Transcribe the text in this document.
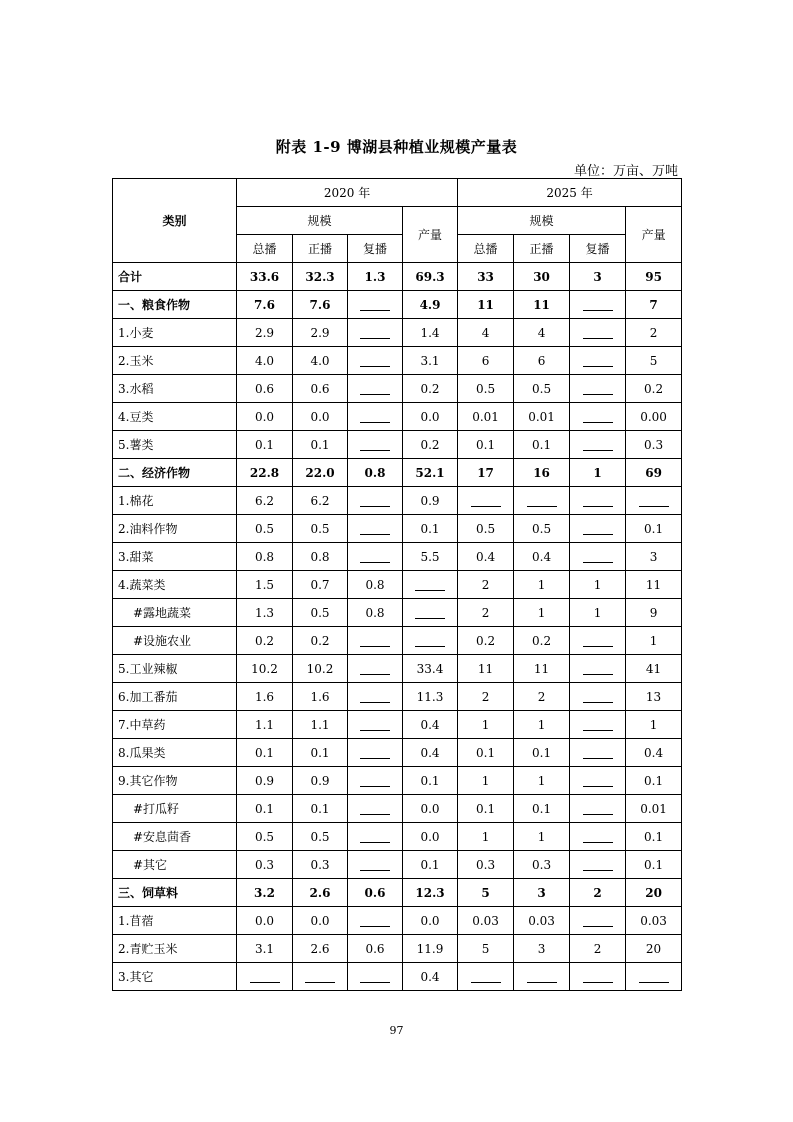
附表 1-9 博湖县种植业规模产量表
单位：万亩、万吨
类别	2020 年				2025 年			
	规模			产量	规模			产量
	总播	正播	复播		总播	正播	复播	
合计	33.6	32.3	1.3	69.3	33	30	3	95
一、粮食作物	7.6	7.6		4.9	11	11		7
1.小麦	2.9	2.9		1.4	4	4		2
2.玉米	4.0	4.0		3.1	6	6		5
3.水稻	0.6	0.6		0.2	0.5	0.5		0.2
4.豆类	0.0	0.0		0.0	0.01	0.01		0.00
5.薯类	0.1	0.1		0.2	0.1	0.1		0.3
二、经济作物	22.8	22.0	0.8	52.1	17	16	1	69
1.棉花	6.2	6.2		0.9				
2.油料作物	0.5	0.5		0.1	0.5	0.5		0.1
3.甜菜	0.8	0.8		5.5	0.4	0.4		3
4.蔬菜类	1.5	0.7	0.8		2	1	1	11
#露地蔬菜	1.3	0.5	0.8		2	1	1	9
#设施农业	0.2	0.2			0.2	0.2		1
5.工业辣椒	10.2	10.2		33.4	11	11		41
6.加工番茄	1.6	1.6		11.3	2	2		13
7.中草药	1.1	1.1		0.4	1	1		1
8.瓜果类	0.1	0.1		0.4	0.1	0.1		0.4
9.其它作物	0.9	0.9		0.1	1	1		0.1
#打瓜籽	0.1	0.1		0.0	0.1	0.1		0.01
#安息茴香	0.5	0.5		0.0	1	1		0.1
#其它	0.3	0.3		0.1	0.3	0.3		0.1
三、饲草料	3.2	2.6	0.6	12.3	5	3	2	20
1.苜蓿	0.0	0.0		0.0	0.03	0.03		0.03
2.青贮玉米	3.1	2.6	0.6	11.9	5	3	2	20
3.其它				0.4				
97
